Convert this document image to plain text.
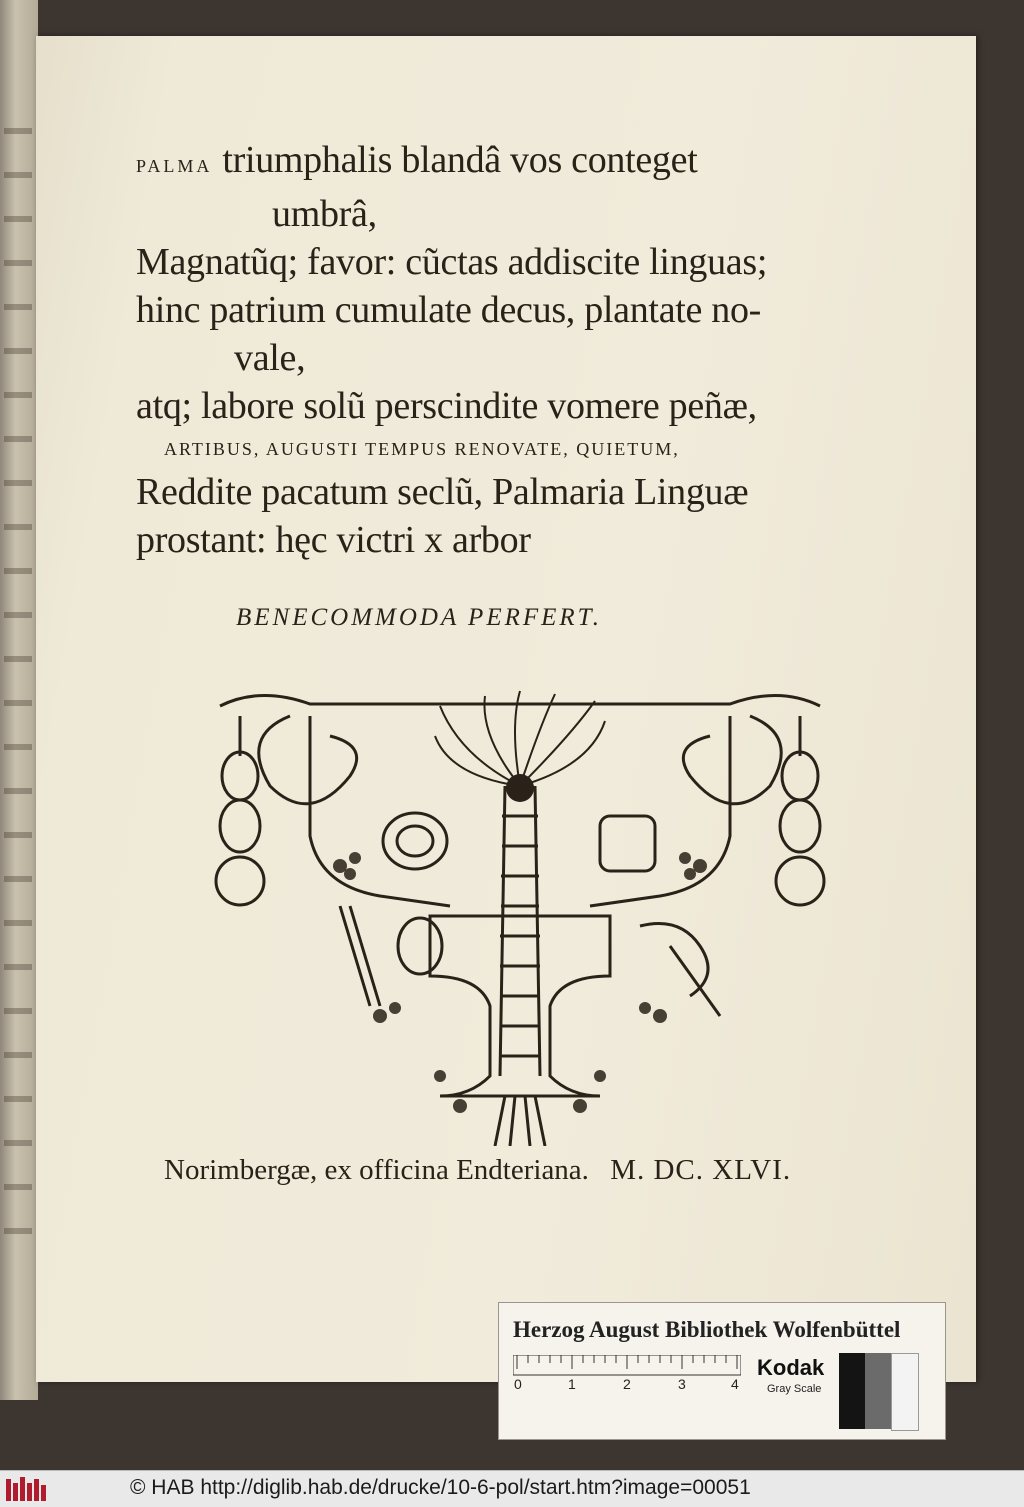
PALMA triumphalis blandâ vos conteget
umbrâ,
Magnatũq; favor: cũctas addiscite linguas;
hinc patrium cumulate decus, plantate no-
vale,
atq; labore solũ perscindite vomere peñæ,
ARTIBUS, AUGUSTI TEMPUS RENOVATE, QUIETUM,
Reddite pacatum seclũ, Palmaria Linguæ
prostant: hęc victri x arbor
BENECOMMODA PERFERT.
Norimbergæ, ex officina Endteriana. M. DC. XLVI.
Herzog August Bibliothek Wolfenbüttel
0	1	2	3	4
Kodak
Gray Scale
© HAB http://diglib.hab.de/drucke/10-6-pol/start.htm?image=00051
